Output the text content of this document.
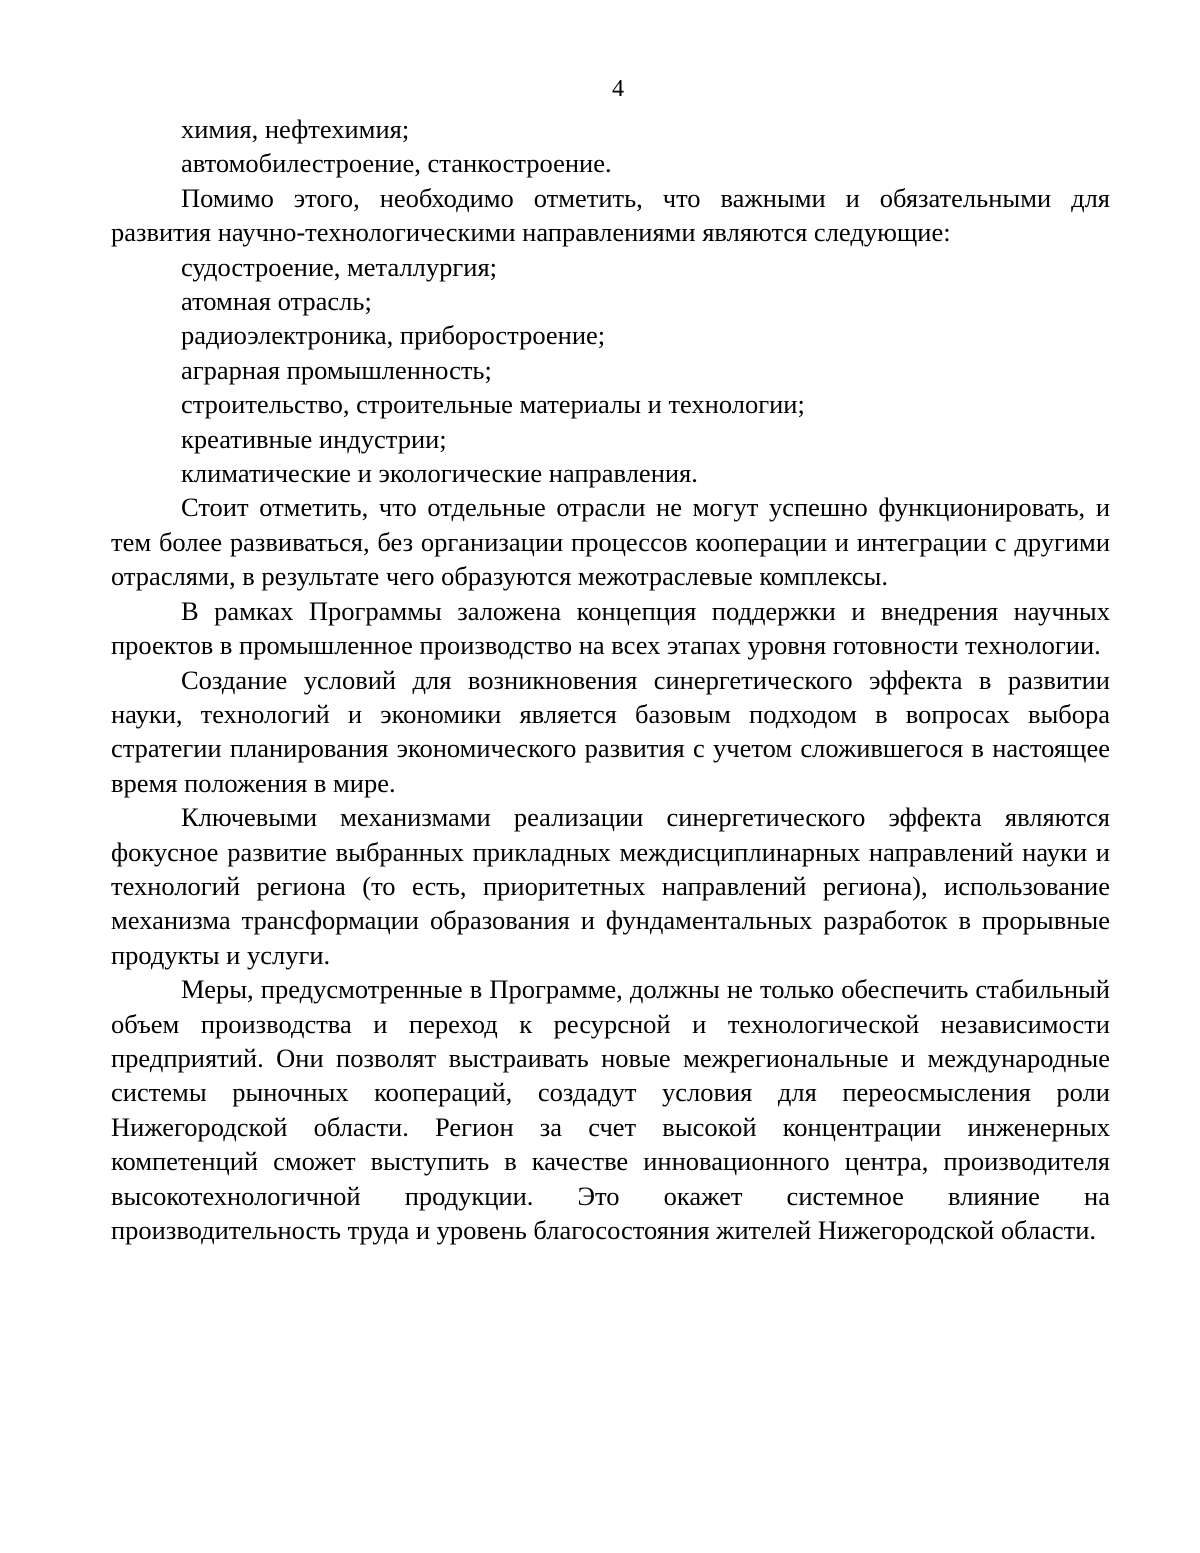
4

химия, нефтехимия;

автомобилестроение, станкостроение.

Помимо этого, необходимо отметить, что важными и обязательными для развития научно-технологическими направлениями являются следующие:

судостроение, металлургия;

атомная отрасль;

радиоэлектроника, приборостроение;

аграрная промышленность;

строительство, строительные материалы и технологии;

креативные индустрии;

климатические и экологические направления.

Стоит отметить, что отдельные отрасли не могут успешно функционировать, и тем более развиваться, без организации процессов кооперации и интеграции с другими отраслями, в результате чего образуются межотраслевые комплексы.

В рамках Программы заложена концепция поддержки и внедрения научных проектов в промышленное производство на всех этапах уровня готовности технологии.

Создание условий для возникновения синергетического эффекта в развитии науки, технологий и экономики является базовым подходом в вопросах выбора стратегии планирования экономического развития с учетом сложившегося в настоящее время положения в мире.

Ключевыми механизмами реализации синергетического эффекта являются фокусное развитие выбранных прикладных междисциплинарных направлений науки и технологий региона (то есть, приоритетных направлений региона), использование механизма трансформации образования и фундаментальных разработок в прорывные продукты и услуги.

Меры, предусмотренные в Программе, должны не только обеспечить стабильный объем производства и переход к ресурсной и технологической независимости предприятий. Они позволят выстраивать новые межрегиональные и международные системы рыночных коопераций, создадут условия для переосмысления роли Нижегородской области. Регион за счет высокой концентрации инженерных компетенций сможет выступить в качестве инновационного центра, производителя высокотехнологичной продукции. Это окажет системное влияние на производительность труда и уровень благосостояния жителей Нижегородской области.
